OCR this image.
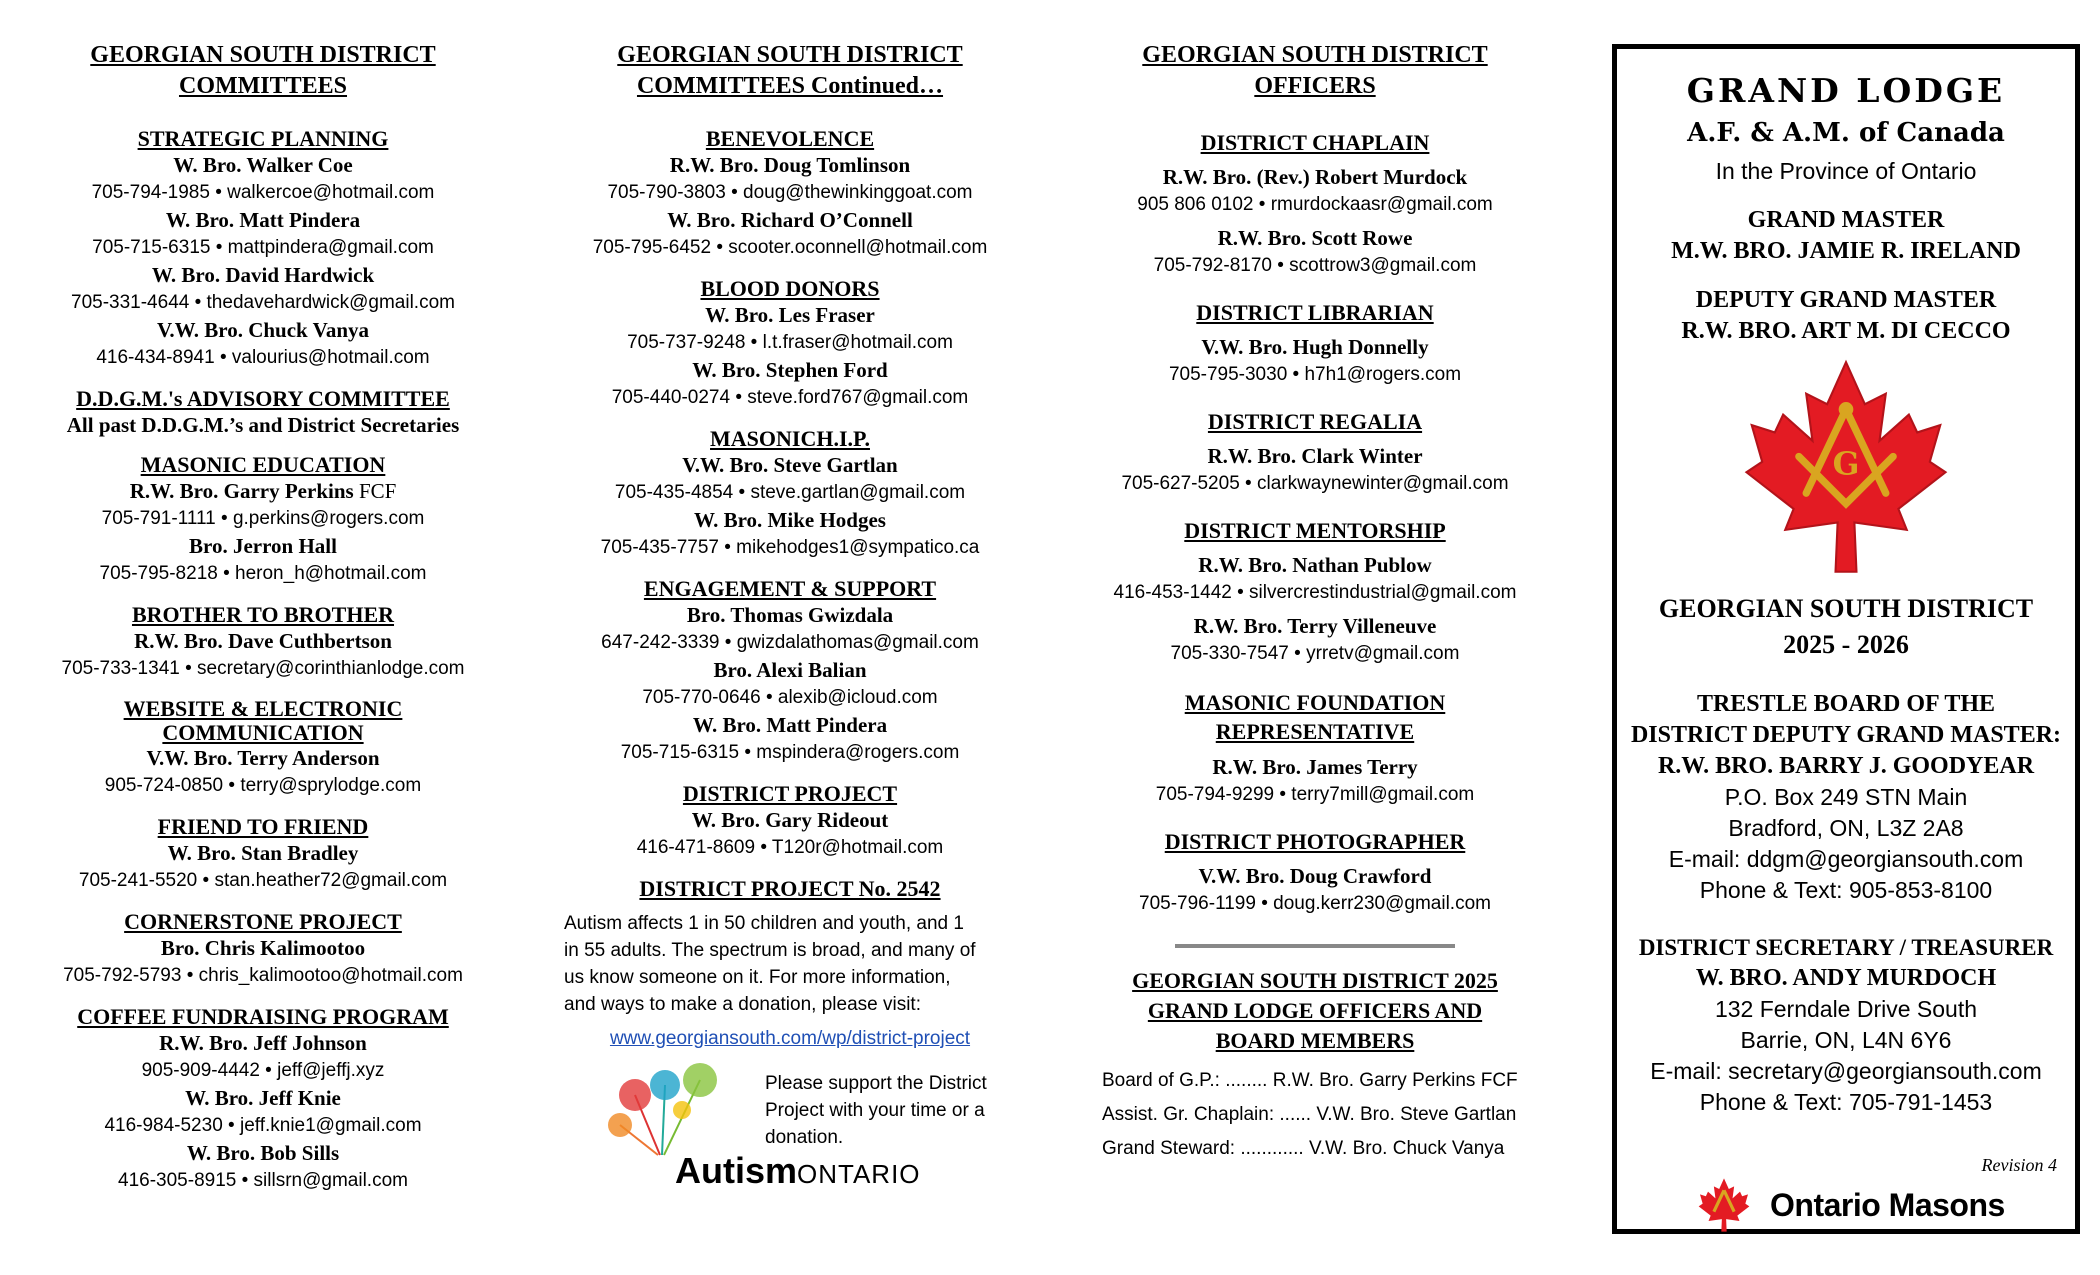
GEORGIAN SOUTH DISTRICT
COMMITTEES
STRATEGIC PLANNING
W. Bro. Walker Coe
705-794-1985 • walkercoe@hotmail.com
W. Bro. Matt Pindera
705-715-6315 • mattpindera@gmail.com
W. Bro. David Hardwick
705-331-4644 • thedavehardwick@gmail.com
V.W. Bro. Chuck Vanya
416-434-8941 • valourius@hotmail.com
D.D.G.M.'s ADVISORY COMMITTEE
All past D.D.G.M.’s and District Secretaries
MASONIC EDUCATION
R.W. Bro. Garry Perkins FCF
705-791-1111 • g.perkins@rogers.com
Bro. Jerron Hall
705-795-8218 • heron_h@hotmail.com
BROTHER TO BROTHER
R.W. Bro. Dave Cuthbertson
705-733-1341 • secretary@corinthianlodge.com
WEBSITE & ELECTRONIC
COMMUNICATION
V.W. Bro. Terry Anderson
905-724-0850 • terry@sprylodge.com
FRIEND TO FRIEND
W. Bro. Stan Bradley
705-241-5520 • stan.heather72@gmail.com
CORNERSTONE PROJECT
Bro. Chris Kalimootoo
705-792-5793 • chris_kalimootoo@hotmail.com
COFFEE FUNDRAISING PROGRAM
R.W. Bro. Jeff Johnson
905-909-4442 • jeff@jeffj.xyz
W. Bro. Jeff Knie
416-984-5230 • jeff.knie1@gmail.com
W. Bro. Bob Sills
416-305-8915 • sillsrn@gmail.com
GEORGIAN SOUTH DISTRICT
COMMITTEES Continued…
BENEVOLENCE
R.W. Bro. Doug Tomlinson
705-790-3803 • doug@thewinkinggoat.com
W. Bro. Richard O’Connell
705-795-6452 • scooter.oconnell@hotmail.com
BLOOD DONORS
W. Bro. Les Fraser
705-737-9248 • l.t.fraser@hotmail.com
W. Bro. Stephen Ford
705-440-0274 • steve.ford767@gmail.com
MASONICH.I.P.
V.W. Bro. Steve Gartlan
705-435-4854 • steve.gartlan@gmail.com
W. Bro. Mike Hodges
705-435-7757 • mikehodges1@sympatico.ca
ENGAGEMENT & SUPPORT
Bro. Thomas Gwizdala
647-242-3339 • gwizdalathomas@gmail.com
Bro. Alexi Balian
705-770-0646 • alexib@icloud.com
W. Bro. Matt Pindera
705-715-6315 • mspindera@rogers.com
DISTRICT PROJECT
W. Bro. Gary Rideout
416-471-8609 • T120r@hotmail.com
DISTRICT PROJECT No. 2542
Autism affects 1 in 50 children and youth, and 1
in 55 adults. The spectrum is broad, and many of
us know someone on it. For more information,
and ways to make a donation, please visit:
www.georgiansouth.com/wp/district-project
AutismONTARIO
Please support the District
Project with your time or a
donation.
GEORGIAN SOUTH DISTRICT
OFFICERS
DISTRICT CHAPLAIN
R.W. Bro. (Rev.) Robert Murdock
905 806 0102 • rmurdockaasr@gmail.com
R.W. Bro. Scott Rowe
705-792-8170 • scottrow3@gmail.com
DISTRICT LIBRARIAN
V.W. Bro. Hugh Donnelly
705-795-3030 • h7h1@rogers.com
DISTRICT REGALIA
R.W. Bro. Clark Winter
705-627-5205 • clarkwaynewinter@gmail.com
DISTRICT MENTORSHIP
R.W. Bro. Nathan Publow
416-453-1442 • silvercrestindustrial@gmail.com
R.W. Bro. Terry Villeneuve
705-330-7547 • yrretv@gmail.com
MASONIC FOUNDATION
REPRESENTATIVE
R.W. Bro. James Terry
705-794-9299 • terry7mill@gmail.com
DISTRICT PHOTOGRAPHER
V.W. Bro. Doug Crawford
705-796-1199 • doug.kerr230@gmail.com
GEORGIAN SOUTH DISTRICT 2025
GRAND LODGE OFFICERS AND
BOARD MEMBERS
Board of G.P.: ........ R.W. Bro. Garry Perkins FCF
Assist. Gr. Chaplain: ...... V.W. Bro. Steve Gartlan
Grand Steward: ............ V.W. Bro. Chuck Vanya
GRAND LODGE
A.F. & A.M. of Canada
In the Province of Ontario
GRAND MASTER
M.W. BRO. JAMIE R. IRELAND
DEPUTY GRAND MASTER
R.W. BRO. ART M. DI CECCO
G
GEORGIAN SOUTH DISTRICT
2025 - 2026
TRESTLE BOARD OF THE
DISTRICT DEPUTY GRAND MASTER:
R.W. BRO. BARRY J. GOODYEAR
P.O. Box 249 STN Main
Bradford, ON, L3Z 2A8
E-mail: ddgm@georgiansouth.com
Phone & Text: 905-853-8100
DISTRICT SECRETARY / TREASURER
W. BRO. ANDY MURDOCH
132 Ferndale Drive South
Barrie, ON, L4N 6Y6
E-mail: secretary@georgiansouth.com
Phone & Text: 705-791-1453
Revision 4
Ontario Masons
